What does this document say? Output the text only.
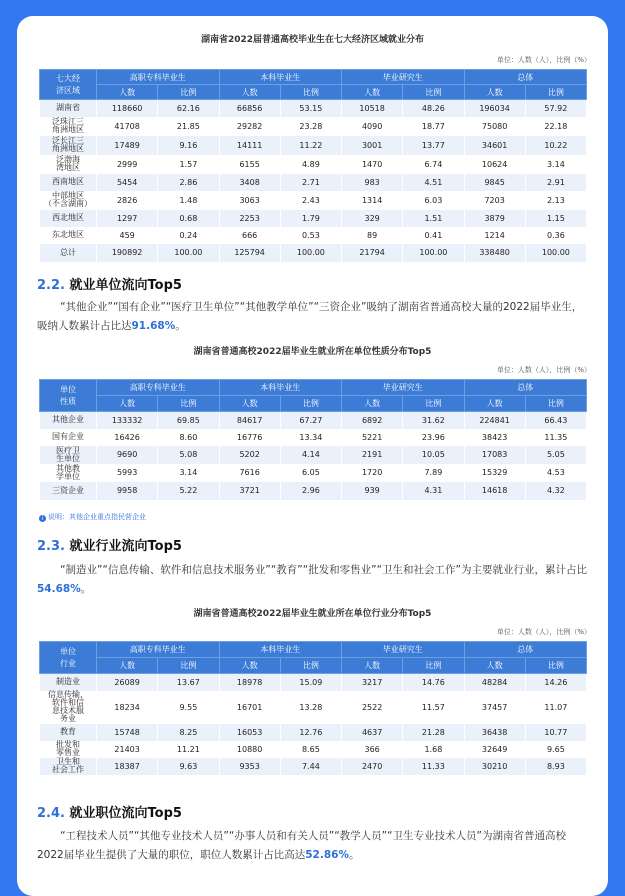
湖南省2022届普通高校毕业生在七大经济区域就业分布
单位：人数（人），比例（%）
七大经
济区域	高职专科毕业生		本科毕业生		毕业研究生		总体	
	人数	比例	人数	比例	人数	比例	人数	比例

湖南省	118660	62.16	66856	53.15	10518	48.26	196034	57.92

泛珠江三
角洲地区	41708	21.85	29282	23.28	4090	18.77	75080	22.18

泛长江三
角洲地区	17489	9.16	14111	11.22	3001	13.77	34601	10.22

泛渤海
湾地区	2999	1.57	6155	4.89	1470	6.74	10624	3.14

西南地区	5454	2.86	3408	2.71	983	4.51	9845	2.91

中部地区
（不含湖南）	2826	1.48	3063	2.43	1314	6.03	7203	2.13

西北地区	1297	0.68	2253	1.79	329	1.51	3879	1.15

东北地区	459	0.24	666	0.53	89	0.41	1214	0.36

总计	190892	100.00	125794	100.00	21794	100.00	338480	100.00
2.2. 就业单位流向Top5
“其他企业”“国有企业”“医疗卫生单位”“其他教学单位”“三资企业”吸纳了湖南省普通高校大量的2022届毕业生，吸纳人数累计占比达91.68%。
湖南省普通高校2022届毕业生就业所在单位性质分布Top5
单位：人数（人），比例（%）
单位
性质	高职专科毕业生		本科毕业生		毕业研究生		总体	
	人数	比例	人数	比例	人数	比例	人数	比例

其他企业	133332	69.85	84617	67.27	6892	31.62	224841	66.43

国有企业	16426	8.60	16776	13.34	5221	23.96	38423	11.35

医疗卫
生单位	9690	5.08	5202	4.14	2191	10.05	17083	5.05

其他教
学单位	5993	3.14	7616	6.05	1720	7.89	15329	4.53

三资企业	9958	5.22	3721	2.96	939	4.31	14618	4.32
i 说明：其他企业重点指民营企业
2.3. 就业行业流向Top5
“制造业”“信息传输、软件和信息技术服务业”“教育”“批发和零售业”“卫生和社会工作”为主要就业行业，累计占比54.68%。
湖南省普通高校2022届毕业生就业所在单位行业分布Top5
单位：人数（人），比例（%）
单位
行业	高职专科毕业生		本科毕业生		毕业研究生		总体	
	人数	比例	人数	比例	人数	比例	人数	比例

制造业	26089	13.67	18978	15.09	3217	14.76	48284	14.26

信息传输、
软件和信
息技术服
务业	18234	9.55	16701	13.28	2522	11.57	37457	11.07

教育	15748	8.25	16053	12.76	4637	21.28	36438	10.77

批发和
零售业	21403	11.21	10880	8.65	366	1.68	32649	9.65

卫生和
社会工作	18387	9.63	9353	7.44	2470	11.33	30210	8.93
2.4. 就业职位流向Top5
“工程技术人员”“其他专业技术人员”“办事人员和有关人员”“教学人员”“卫生专业技术人员”为湖南省普通高校2022届毕业生提供了大量的职位，职位人数累计占比高达52.86%。
